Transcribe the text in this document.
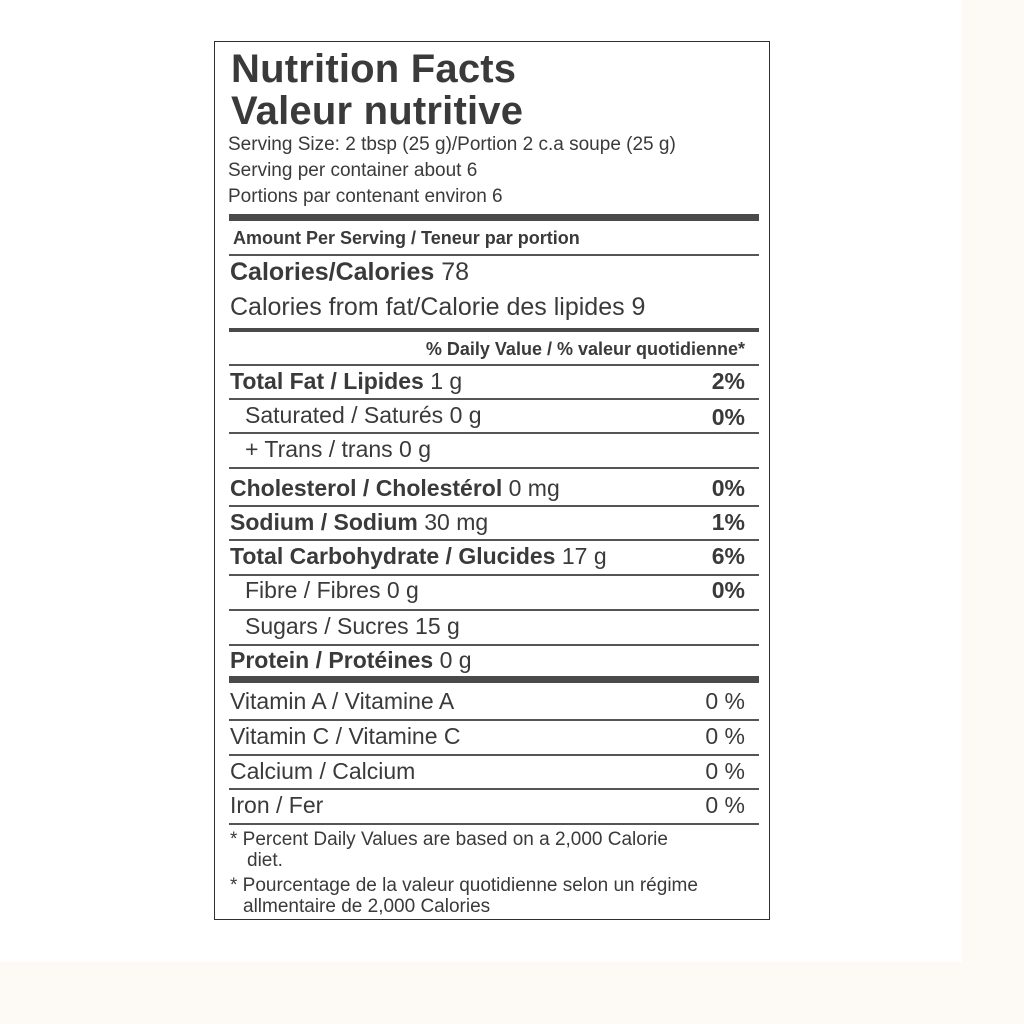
Nutrition Facts
Valeur nutritive
Serving Size: 2 tbsp (25 g)/Portion 2 c.a soupe (25 g)
Serving per container about 6
Portions par contenant environ 6
Amount Per Serving / Teneur par portion
Calories/Calories 78
Calories from fat/Calorie des lipides 9
% Daily Value / % valeur quotidienne*
Total Fat / Lipides 1 g	2%
Saturated / Saturés 0 g	0%
+ Trans / trans 0 g
Cholesterol / Cholestérol 0 mg	0%
Sodium / Sodium 30 mg	1%
Total Carbohydrate / Glucides 17 g	6%
Fibre / Fibres 0 g	0%
Sugars / Sucres 15 g
Protein / Protéines 0 g
Vitamin A / Vitamine A	0 %
Vitamin C / Vitamine C	0 %
Calcium / Calcium	0 %
Iron / Fer	0 %
* Percent Daily Values are based on a 2,000 Calorie
diet.
* Pourcentage de la valeur quotidienne selon un régime
allmentaire de 2,000 Calories
